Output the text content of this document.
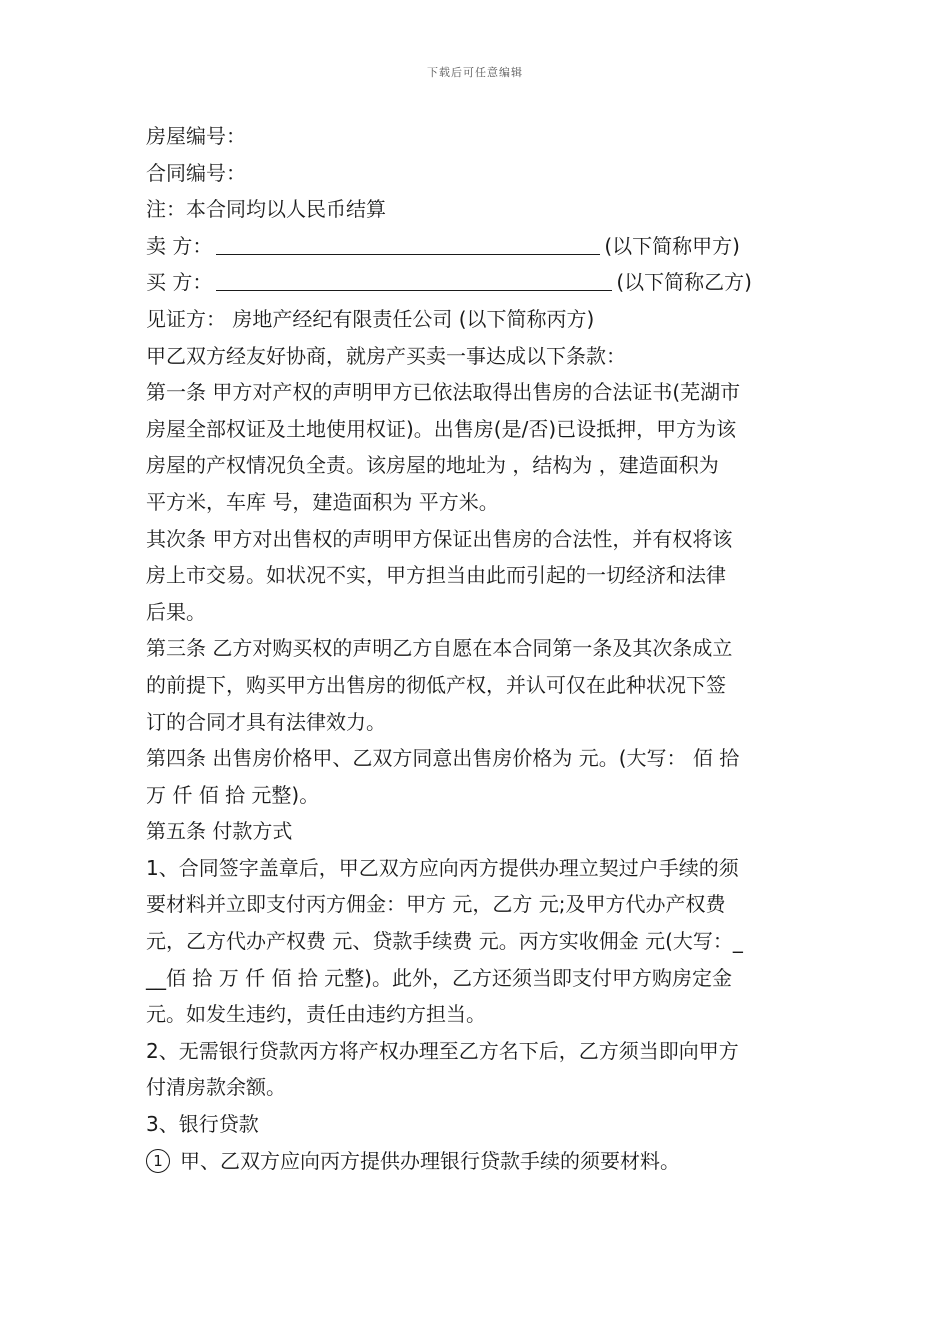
下载后可任意编辑
房屋编号：
合同编号：
注：本合同均以人民币结算
卖 方：	(以下简称甲方)
买 方：	(以下简称乙方)
见证方： 房地产经纪有限责任公司 (以下简称丙方)
甲乙双方经友好协商，就房产买卖一事达成以下条款：
第一条 甲方对产权的声明甲方已依法取得出售房的合法证书(芜湖市
房屋全部权证及土地使用权证)。出售房(是/否)已设抵押，甲方为该
房屋的产权情况负全责。该房屋的地址为 ，结构为 ，建造面积为
平方米，车库 号，建造面积为 平方米。
其次条 甲方对出售权的声明甲方保证出售房的合法性，并有权将该
房上市交易。如状况不实，甲方担当由此而引起的一切经济和法律
后果。
第三条 乙方对购买权的声明乙方自愿在本合同第一条及其次条成立
的前提下，购买甲方出售房的彻低产权，并认可仅在此种状况下签
订的合同才具有法律效力。
第四条 出售房价格甲、乙双方同意出售房价格为 元。(大写： 佰 拾
万 仟 佰 拾 元整)。
第五条 付款方式
1、合同签字盖章后，甲乙双方应向丙方提供办理立契过户手续的须
要材料并立即支付丙方佣金：甲方 元，乙方 元;及甲方代办产权费
元，乙方代办产权费 元、贷款手续费 元。丙方实收佣金 元(大写：_
__佰 拾 万 仟 佰 拾 元整)。此外，乙方还须当即支付甲方购房定金
元。如发生违约，责任由违约方担当。
2、无需银行贷款丙方将产权办理至乙方名下后，乙方须当即向甲方
付清房款余额。
3、银行贷款
1 甲、乙双方应向丙方提供办理银行贷款手续的须要材料。
